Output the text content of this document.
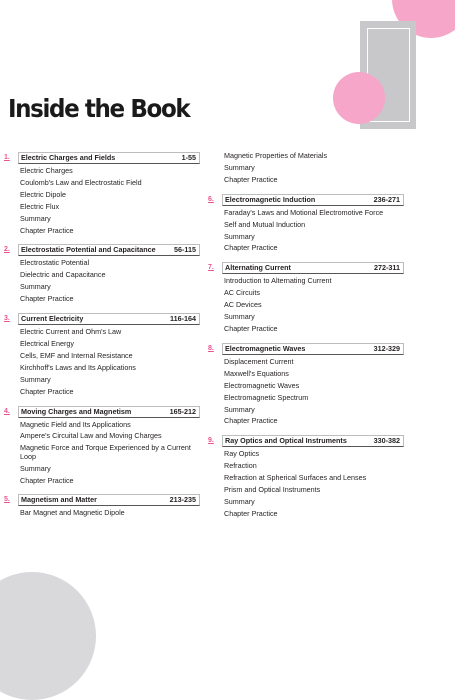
Inside the Book
1. Electric Charges and Fields	1-55
Electric Charges
Coulomb's Law and Electrostatic Field
Electric Dipole
Electric Flux
Summary
Chapter Practice
2. Electrostatic Potential and Capacitance	56-115
Electrostatic Potential
Dielectric and Capacitance
Summary
Chapter Practice
3. Current Electricity	116-164
Electric Current and Ohm's Law
Electrical Energy
Cells, EMF and Internal Resistance
Kirchhoff's Laws and Its Applications
Summary
Chapter Practice
4. Moving Charges and Magnetism	165-212
Magnetic Field and Its Applications
Ampere's Circuital Law and Moving Charges
Magnetic Force and Torque Experienced by a Current Loop
Summary
Chapter Practice
5. Magnetism and Matter	213-235
Bar Magnet and Magnetic Dipole
Magnetic Properties of Materials
Summary
Chapter Practice
6. Electromagnetic Induction	236-271
Faraday's Laws and Motional Electromotive Force
Self and Mutual Induction
Summary
Chapter Practice
7. Alternating Current	272-311
Introduction to Alternating Current
AC Circuits
AC Devices
Summary
Chapter Practice
8. Electromagnetic Waves	312-329
Displacement Current
Maxwell's Equations
Electromagnetic Waves
Electromagnetic Spectrum
Summary
Chapter Practice
9. Ray Optics and Optical Instruments	330-382
Ray Optics
Refraction
Refraction at Spherical Surfaces and Lenses
Prism and Optical Instruments
Summary
Chapter Practice
